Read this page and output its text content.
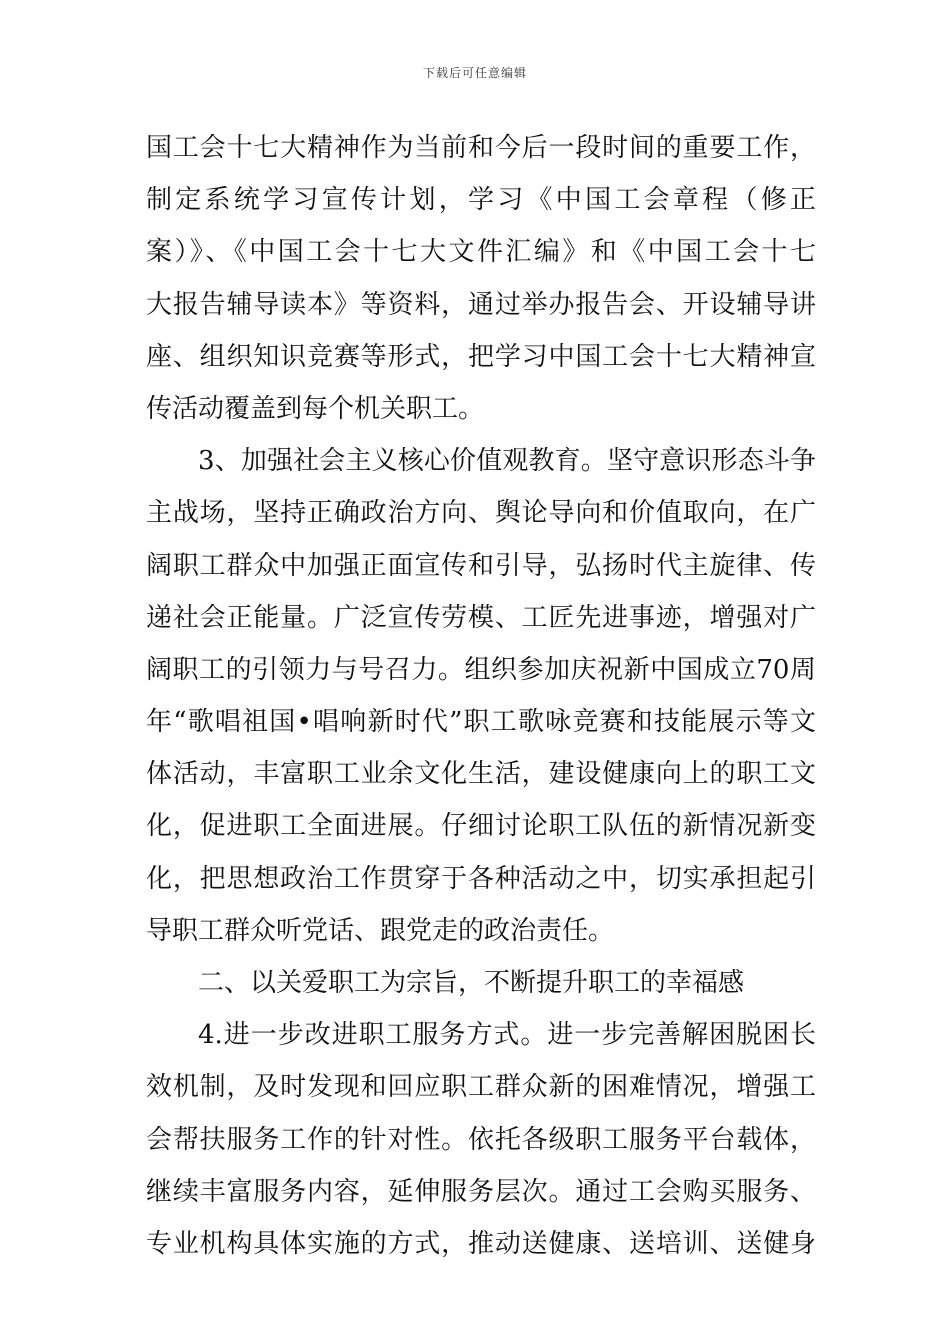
下载后可任意编辑
国工会十七大精神作为当前和今后一段时间的重要工作，
制定系统学习宣传计划，学习《中国工会章程（修正
案）》、《中国工会十七大文件汇编》和《中国工会十七
大报告辅导读本》等资料，通过举办报告会、开设辅导讲
座、组织知识竞赛等形式，把学习中国工会十七大精神宣
传活动覆盖到每个机关职工。
3、加强社会主义核心价值观教育。坚守意识形态斗争
主战场，坚持正确政治方向、舆论导向和价值取向，在广
阔职工群众中加强正面宣传和引导，弘扬时代主旋律、传
递社会正能量。广泛宣传劳模、工匠先进事迹，增强对广
阔职工的引领力与号召力。组织参加庆祝新中国成立70周
年“歌唱祖国•唱响新时代”职工歌咏竞赛和技能展示等文
体活动，丰富职工业余文化生活，建设健康向上的职工文
化，促进职工全面进展。仔细讨论职工队伍的新情况新变
化，把思想政治工作贯穿于各种活动之中，切实承担起引
导职工群众听党话、跟党走的政治责任。
二、以关爱职工为宗旨，不断提升职工的幸福感
4.进一步改进职工服务方式。进一步完善解困脱困长
效机制，及时发现和回应职工群众新的困难情况，增强工
会帮扶服务工作的针对性。依托各级职工服务平台载体，
继续丰富服务内容，延伸服务层次。通过工会购买服务、
专业机构具体实施的方式，推动送健康、送培训、送健身
